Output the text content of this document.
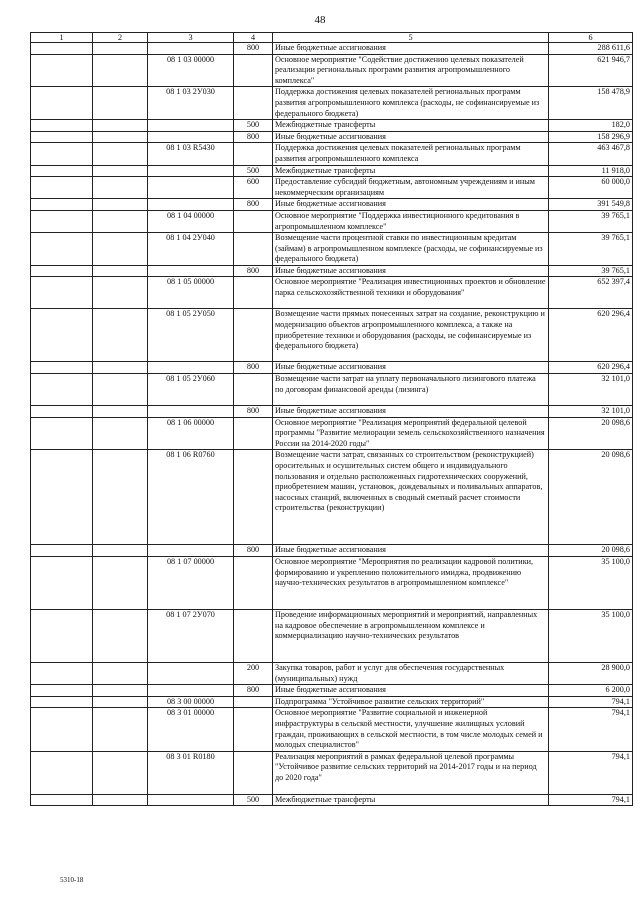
48
1	2	3	4	5	6
			800	Иные бюджетные ассигнования	288 611,6
		08 1 03 00000		Основное мероприятие "Содействие достижению целевых показателей реализации региональных программ развития агропромышленного комплекса"	621 946,7
		08 1 03 2У030		Поддержка достижения целевых показателей региональных программ развития агропромышленного комплекса (расходы, не софинансируемые из федерального бюджета)	158 478,9
			500	Межбюджетные трансферты	182,0
			800	Иные бюджетные ассигнования	158 296,9
		08 1 03 R5430		Поддержка достижения целевых показателей региональных программ развития агропромышленного комплекса	463 467,8
			500	Межбюджетные трансферты	11 918,0
			600	Предоставление субсидий бюджетным, автономным учреждениям и иным некоммерческим организациям	60 000,0
			800	Иные бюджетные ассигнования	391 549,8
		08 1 04 00000		Основное мероприятие "Поддержка инвестиционного кредитования в агропромышленном комплексе"	39 765,1
		08 1 04 2У040		Возмещение части процентной ставки по инвестиционным кредитам (займам) в агропромышленном комплексе (расходы, не софинансируемые из федерального бюджета)	39 765,1
			800	Иные бюджетные ассигнования	39 765,1
		08 1 05 00000		Основное мероприятие "Реализация инвестиционных проектов и обновление парка сельскохозяйственной техники и оборудования"	652 397,4
		08 1 05 2У050		Возмещение части прямых понесенных затрат на создание, реконструкцию и модернизацию объектов агропромышленного комплекса, а также на приобретение техники и оборудования (расходы, не софинансируемые из федерального бюджета)	620 296,4
			800	Иные бюджетные ассигнования	620 296,4
		08 1 05 2У060		Возмещение части затрат на уплату первоначального лизингового платежа по договорам финансовой аренды (лизинга)	32 101,0
			800	Иные бюджетные ассигнования	32 101,0
		08 1 06 00000		Основное мероприятие "Реализация мероприятий федеральной целевой программы "Развитие мелиорации земель сельскохозяйственного назначения России на 2014-2020 годы"	20 098,6
		08 1 06 R0760		Возмещение части затрат, связанных со строительством (реконструкцией) оросительных и осушительных систем общего и индивидуального пользования и отдельно расположенных гидротехнических сооружений, приобретением машин, установок, дождевальных и поливальных аппаратов, насосных станций, включенных в сводный сметный расчет стоимости строительства (реконструкции)	20 098,6
			800	Иные бюджетные ассигнования	20 098,6
		08 1 07 00000		Основное мероприятие "Мероприятия по реализации кадровой политики, формированию и укреплению положительного имиджа, продвижению научно-технических результатов в агропромышленном комплексе"	35 100,0
		08 1 07 2У070		Проведение информационных мероприятий и мероприятий, направленных на кадровое обеспечение в агропромышленном комплексе и коммерциализацию научно-технических результатов	35 100,0
			200	Закупка товаров, работ и услуг для обеспечения государственных (муниципальных) нужд	28 900,0
			800	Иные бюджетные ассигнования	6 200,0
		08 3 00 00000		Подпрограмма "Устойчивое развитие сельских территорий"	794,1
		08 3 01 00000		Основное мероприятие "Развитие социальной и инженерной инфраструктуры в сельской местности, улучшение жилищных условий граждан, проживающих в сельской местности, в том числе молодых семей и молодых специалистов"	794,1
		08 3 01 R0180		Реализация мероприятий в рамках федеральной целевой программы "Устойчивое развитие сельских территорий на 2014-2017 годы и на период до 2020 года"	794,1
			500	Межбюджетные трансферты	794,1
5310-18
